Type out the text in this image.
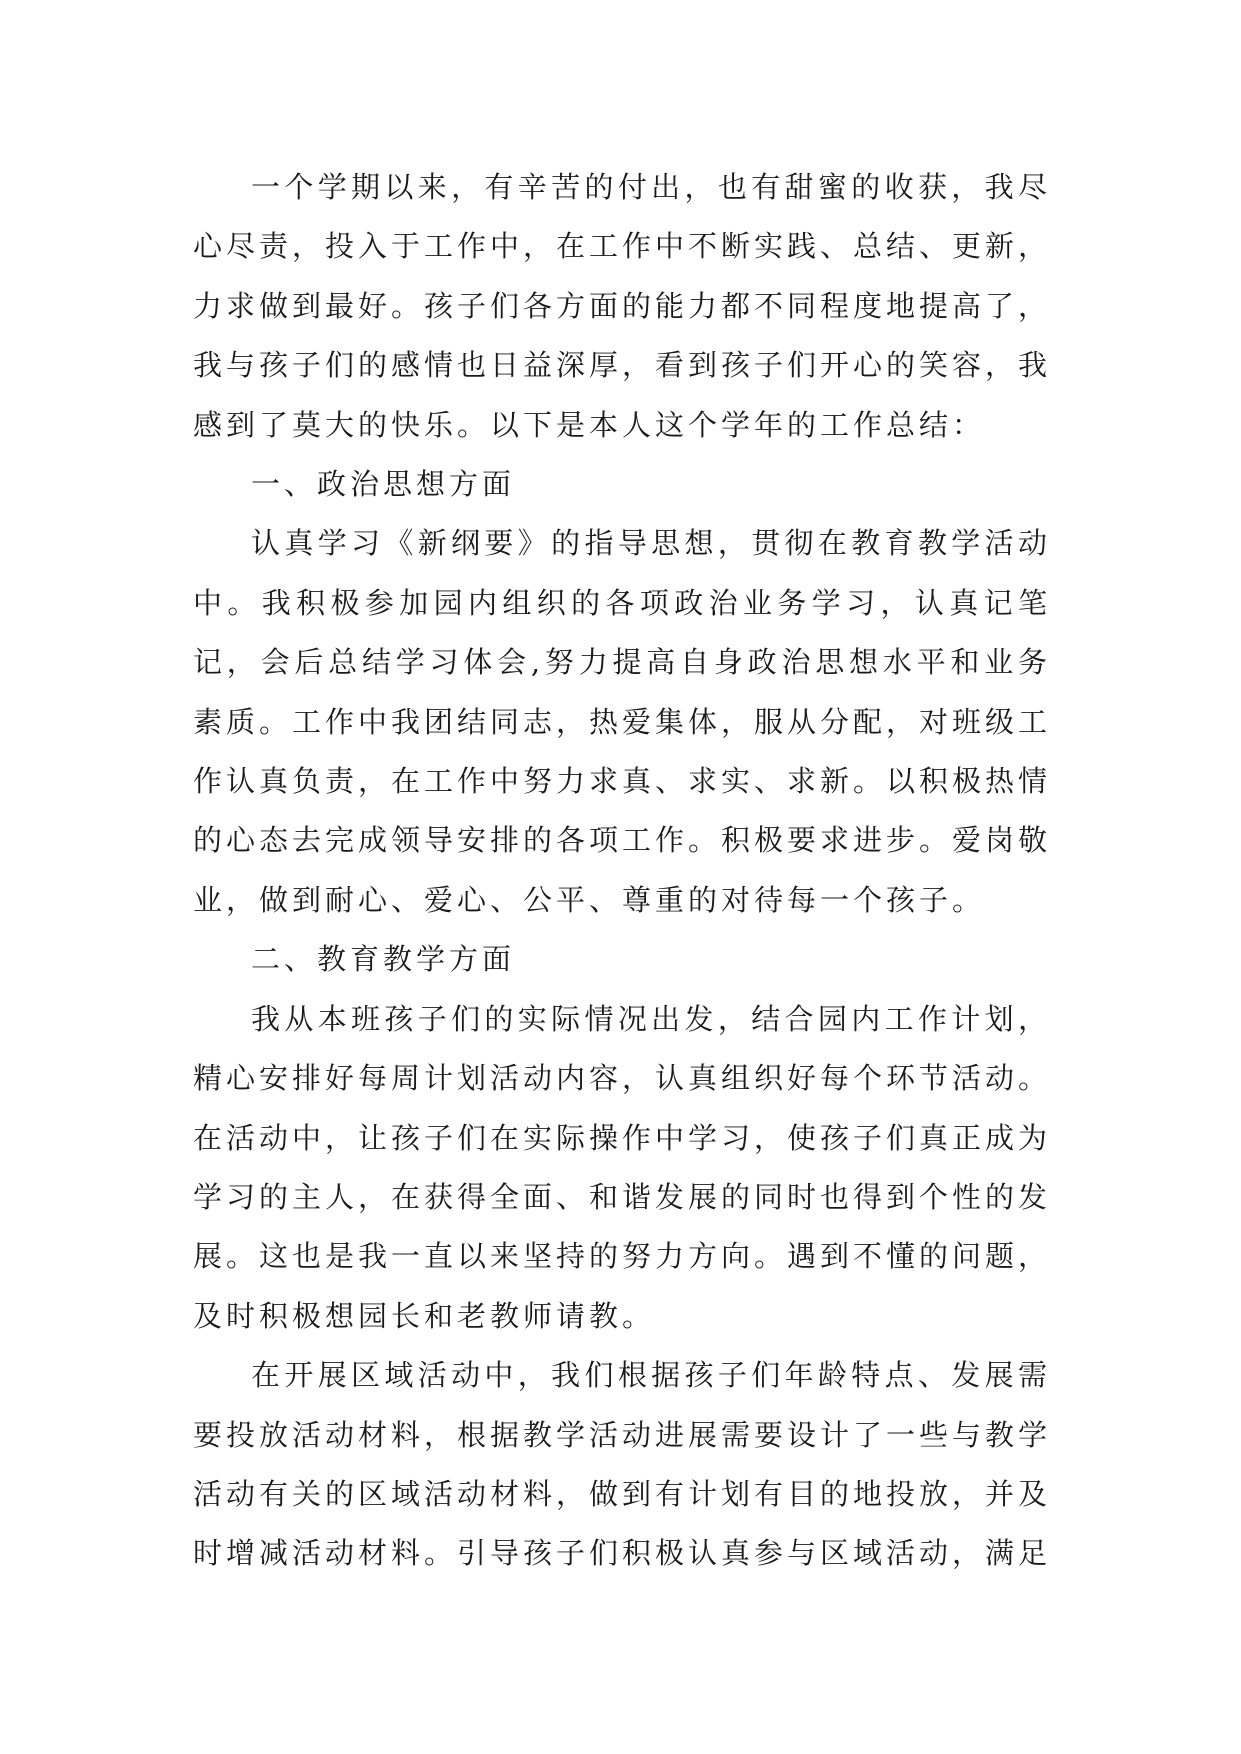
一个学期以来，有辛苦的付出，也有甜蜜的收获，我尽心尽责，投入于工作中，在工作中不断实践、总结、更新，力求做到最好。孩子们各方面的能力都不同程度地提高了，我与孩子们的感情也日益深厚，看到孩子们开心的笑容，我感到了莫大的快乐。以下是本人这个学年的工作总结：

一、政治思想方面

认真学习《新纲要》的指导思想，贯彻在教育教学活动中。我积极参加园内组织的各项政治业务学习，认真记笔记，会后总结学习体会,努力提高自身政治思想水平和业务素质。工作中我团结同志，热爱集体，服从分配，对班级工作认真负责，在工作中努力求真、求实、求新。以积极热情的心态去完成领导安排的各项工作。积极要求进步。爱岗敬业，做到耐心、爱心、公平、尊重的对待每一个孩子。

二、教育教学方面

我从本班孩子们的实际情况出发，结合园内工作计划，精心安排好每周计划活动内容，认真组织好每个环节活动。在活动中，让孩子们在实际操作中学习，使孩子们真正成为学习的主人，在获得全面、和谐发展的同时也得到个性的发展。这也是我一直以来坚持的努力方向。遇到不懂的问题，及时积极想园长和老教师请教。

在开展区域活动中，我们根据孩子们年龄特点、发展需要投放活动材料，根据教学活动进展需要设计了一些与教学活动有关的区域活动材料，做到有计划有目的地投放，并及时增减活动材料。引导孩子们积极认真参与区域活动，满足
